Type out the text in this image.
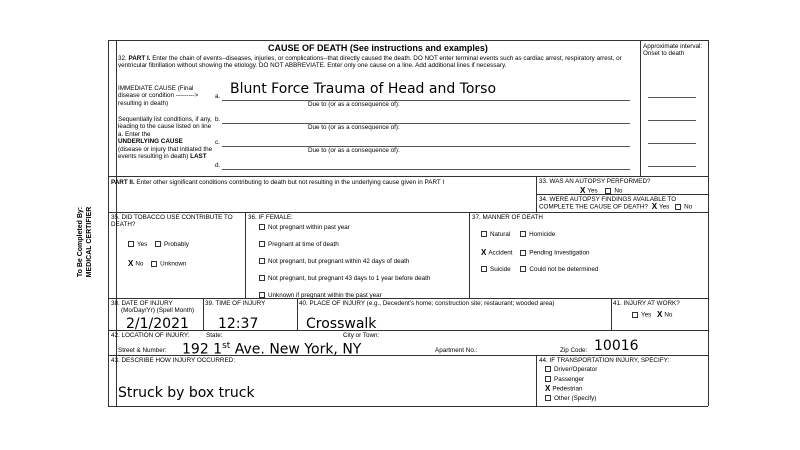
To Be Completed By: MEDICAL CERTIFIER
CAUSE OF DEATH (See instructions and examples)
32. PART I. Enter the chain of events--diseases, injuries, or complications--that directly caused the death. DO NOT enter terminal events such as cardiac arrest, respiratory arrest, or ventricular fibrillation without showing the etiology. DO NOT ABBREVIATE. Enter only one cause on a line. Add additional lines if necessary.
Approximate interval: Onset to death
IMMEDIATE CAUSE (Final
disease or condition --------->
resulting in death)
a. Blunt Force Trauma of Head and Torso
Due to (or as a consequence of):
Sequentially list conditions, if any, leading to the cause listed on line a. Enter the
UNDERLYING CAUSE
(disease or injury that initiated the events resulting in death) LAST
b.
Due to (or as a consequence of):
c.
Due to (or as a consequence of):
d.
PART II. Enter other significant conditions contributing to death but not resulting in the underlying cause given in PART I	33. WAS AN AUTOPSY PERFORMED?
X Yes	No
34. WERE AUTOPSY FINDINGS AVAILABLE TO COMPLETE THE CAUSE OF DEATH? X Yes No
35. DID TOBACCO USE CONTRIBUTE TO DEATH?
Yes	Probably
X No	Unknown
36. IF FEMALE:
Not pregnant within past year
Pregnant at time of death
Not pregnant, but pregnant within 42 days of death
Not pregnant, but pregnant 43 days to 1 year before death
Unknown if pregnant within the past year
37. MANNER OF DEATH
Natural	Homicide
X Accident	Pending Investigation
Suicide	Could not be determined
38. DATE OF INJURY
(Mo/Day/Yr) (Spell Month)
2/1/2021
39. TIME OF INJURY
12:37
40. PLACE OF INJURY (e.g., Decedent’s home; construction site; restaurant; wooded area)
Crosswalk
41. INJURY AT WORK?
Yes X No
42. LOCATION OF INJURY:	State:	City or Town:
Street & Number: 192 1st Ave. New York, NY	Apartment No.:	Zip Code: 10016
43. DESCRIBE HOW INJURY OCCURRED:
Struck by box truck
44. IF TRANSPORTATION INJURY, SPECIFY:
Driver/Operator
Passenger
X Pedestrian
Other (Specify)
